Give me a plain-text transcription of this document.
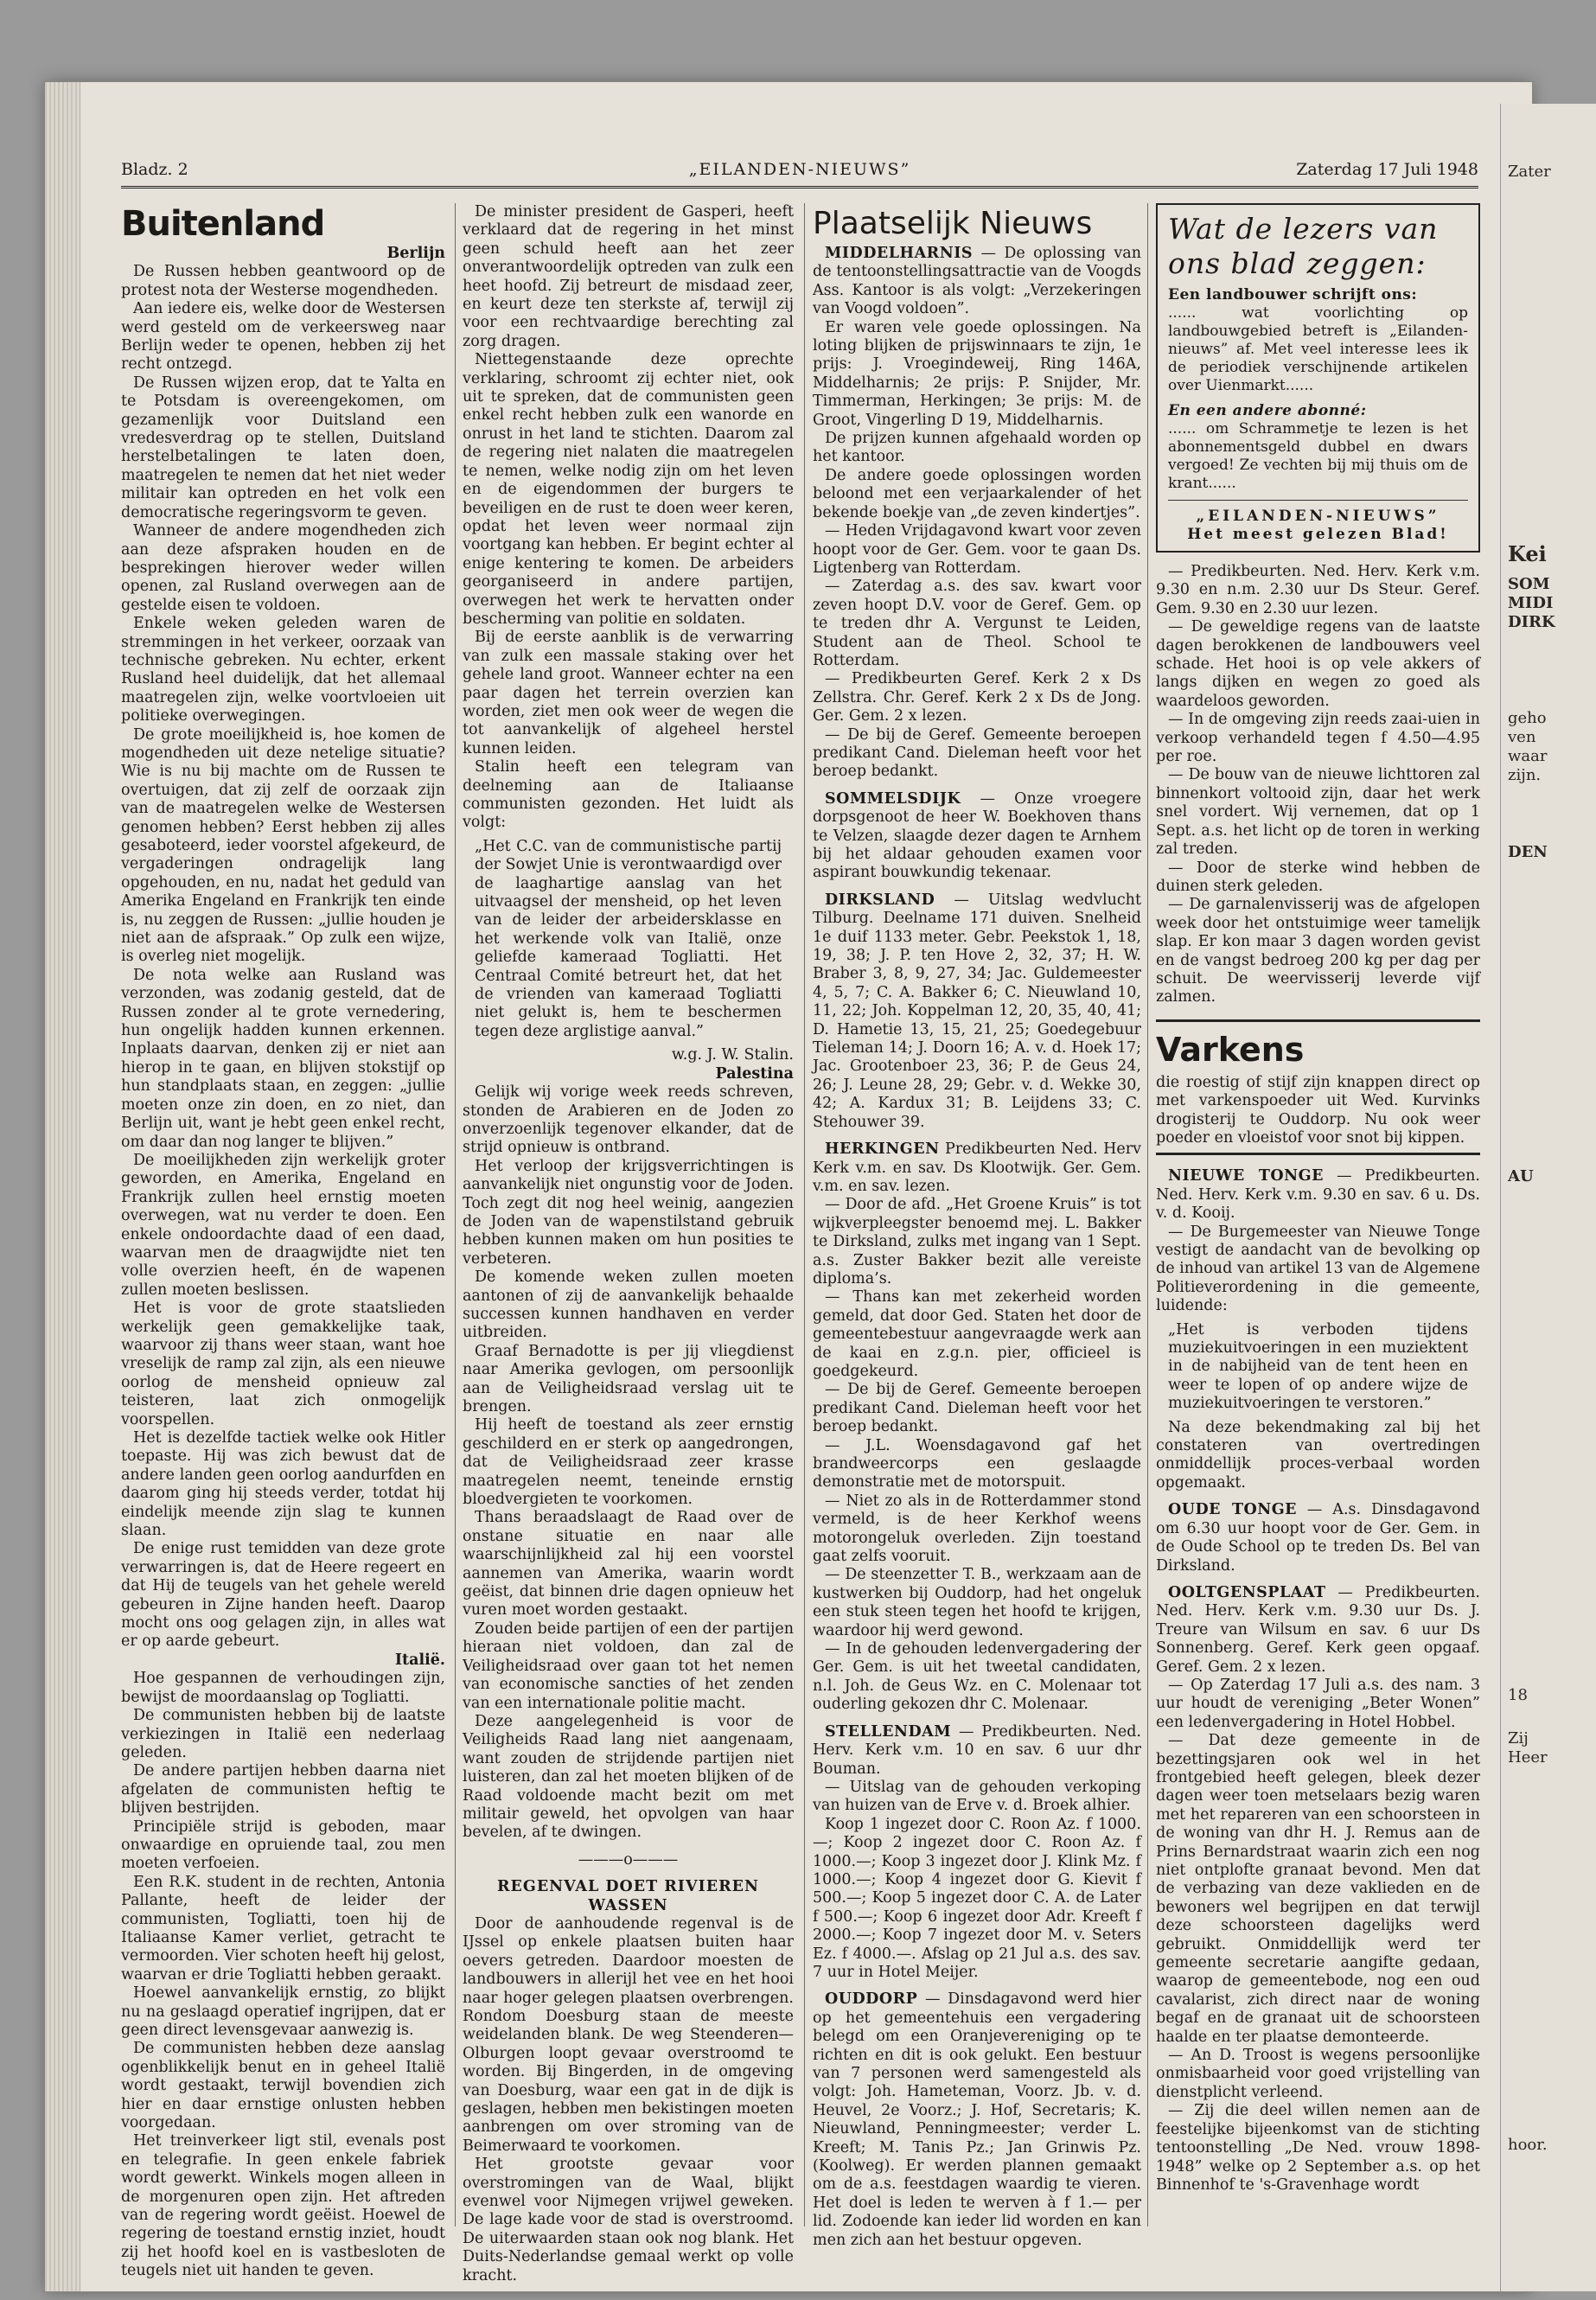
Bladz. 2	„EILANDEN-NIEUWS”	Zaterdag 17 Juli 1948

Buitenland

Berlijn

De Russen hebben geantwoord op de protest nota der Westerse mogendheden.

Aan iedere eis, welke door de Westersen werd gesteld om de verkeersweg naar Berlijn weder te openen, hebben zij het recht ontzegd.

De Russen wijzen erop, dat te Yalta en te Potsdam is overeengekomen, om gezamenlijk voor Duitsland een vredesverdrag op te stellen, Duitsland herstelbetalingen te laten doen, maatregelen te nemen dat het niet weder militair kan optreden en het volk een democratische regeringsvorm te geven.

Wanneer de andere mogendheden zich aan deze afspraken houden en de besprekingen hierover weder willen openen, zal Rusland overwegen aan de gestelde eisen te voldoen.

Enkele weken geleden waren de stremmingen in het verkeer, oorzaak van technische gebreken. Nu echter, erkent Rusland heel duidelijk, dat het allemaal maatregelen zijn, welke voortvloeien uit politieke overwegingen.

De grote moeilijkheid is, hoe komen de mogendheden uit deze netelige situatie? Wie is nu bij machte om de Russen te overtuigen, dat zij zelf de oorzaak zijn van de maatregelen welke de Westersen genomen hebben? Eerst hebben zij alles gesaboteerd, ieder voorstel afgekeurd, de vergaderingen ondragelijk lang opgehouden, en nu, nadat het geduld van Amerika Engeland en Frankrijk ten einde is, nu zeggen de Russen: „jullie houden je niet aan de afspraak.” Op zulk een wijze, is overleg niet mogelijk.

De nota welke aan Rusland was verzonden, was zodanig gesteld, dat de Russen zonder al te grote vernedering, hun ongelijk hadden kunnen erkennen. Inplaats daarvan, denken zij er niet aan hierop in te gaan, en blijven stokstijf op hun standplaats staan, en zeggen: „jullie moeten onze zin doen, en zo niet, dan Berlijn uit, want je hebt geen enkel recht, om daar dan nog langer te blijven.”

De moeilijkheden zijn werkelijk groter geworden, en Amerika, Engeland en Frankrijk zullen heel ernstig moeten overwegen, wat nu verder te doen. Een enkele ondoordachte daad of een daad, waarvan men de draagwijdte niet ten volle overzien heeft, én de wapenen zullen moeten beslissen.

Het is voor de grote staatslieden werkelijk geen gemakkelijke taak, waarvoor zij thans weer staan, want hoe vreselijk de ramp zal zijn, als een nieuwe oorlog de mensheid opnieuw zal teisteren, laat zich onmogelijk voorspellen.

Het is dezelfde tactiek welke ook Hitler toepaste. Hij was zich bewust dat de andere landen geen oorlog aandurfden en daarom ging hij steeds verder, totdat hij eindelijk meende zijn slag te kunnen slaan.

De enige rust temidden van deze grote verwarringen is, dat de Heere regeert en dat Hij de teugels van het gehele wereld gebeuren in Zijne handen heeft. Daarop mocht ons oog gelagen zijn, in alles wat er op aarde gebeurt.

Italië.

Hoe gespannen de verhoudingen zijn, bewijst de moordaanslag op Togliatti.

De communisten hebben bij de laatste verkiezingen in Italië een nederlaag geleden.

De andere partijen hebben daarna niet afgelaten de communisten heftig te blijven bestrijden.

Principiële strijd is geboden, maar onwaardige en opruiende taal, zou men moeten verfoeien.

Een R.K. student in de rechten, Antonia Pallante, heeft de leider der communisten, Togliatti, toen hij de Italiaanse Kamer verliet, getracht te vermoorden. Vier schoten heeft hij gelost, waarvan er drie Togliatti hebben geraakt.

Hoewel aanvankelijk ernstig, zo blijkt nu na geslaagd operatief ingrijpen, dat er geen direct levensgevaar aanwezig is.

De communisten hebben deze aanslag ogenblikkelijk benut en in geheel Italië wordt gestaakt, terwijl bovendien zich hier en daar ernstige onlusten hebben voorgedaan.

Het treinverkeer ligt stil, evenals post en telegrafie. In geen enkele fabriek wordt gewerkt. Winkels mogen alleen in de morgenuren open zijn. Het aftreden van de regering wordt geëist. Hoewel de regering de toestand ernstig inziet, houdt zij het hoofd koel en is vastbesloten de teugels niet uit handen te geven.

De minister president de Gasperi, heeft verklaard dat de regering in het minst geen schuld heeft aan het zeer onverantwoordelijk optreden van zulk een heet hoofd. Zij betreurt de misdaad zeer, en keurt deze ten sterkste af, terwijl zij voor een rechtvaardige berechting zal zorg dragen.

Niettegenstaande deze oprechte verklaring, schroomt zij echter niet, ook uit te spreken, dat de communisten geen enkel recht hebben zulk een wanorde en onrust in het land te stichten. Daarom zal de regering niet nalaten die maatregelen te nemen, welke nodig zijn om het leven en de eigendommen der burgers te beveiligen en de rust te doen weer keren, opdat het leven weer normaal zijn voortgang kan hebben. Er begint echter al enige kentering te komen. De arbeiders georganiseerd in andere partijen, overwegen het werk te hervatten onder bescherming van politie en soldaten.

Bij de eerste aanblik is de verwarring van zulk een massale staking over het gehele land groot. Wanneer echter na een paar dagen het terrein overzien kan worden, ziet men ook weer de wegen die tot aanvankelijk of algeheel herstel kunnen leiden.

Stalin heeft een telegram van deelneming aan de Italiaanse communisten gezonden. Het luidt als volgt:

„Het C.C. van de communistische partij der Sowjet Unie is verontwaardigd over de laaghartige aanslag van het uitvaagsel der mensheid, op het leven van de leider der arbeidersklasse en het werkende volk van Italië, onze geliefde kameraad Togliatti. Het Centraal Comité betreurt het, dat het de vrienden van kameraad Togliatti niet gelukt is, hem te beschermen tegen deze arglistige aanval.”

w.g. J. W. Stalin.

Palestina

Gelijk wij vorige week reeds schreven, stonden de Arabieren en de Joden zo onverzoenlijk tegenover elkander, dat de strijd opnieuw is ontbrand.

Het verloop der krijgsverrichtingen is aanvankelijk niet ongunstig voor de Joden. Toch zegt dit nog heel weinig, aangezien de Joden van de wapenstilstand gebruik hebben kunnen maken om hun posities te verbeteren.

De komende weken zullen moeten aantonen of zij de aanvankelijk behaalde successen kunnen handhaven en verder uitbreiden.

Graaf Bernadotte is per jij vliegdienst naar Amerika gevlogen, om persoonlijk aan de Veiligheidsraad verslag uit te brengen.

Hij heeft de toestand als zeer ernstig geschilderd en er sterk op aangedrongen, dat de Veiligheidsraad zeer krasse maatregelen neemt, teneinde ernstig bloedvergieten te voorkomen.

Thans beraadslaagt de Raad over de onstane situatie en naar alle waarschijnlijkheid zal hij een voorstel aannemen van Amerika, waarin wordt geëist, dat binnen drie dagen opnieuw het vuren moet worden gestaakt.

Zouden beide partijen of een der partijen hieraan niet voldoen, dan zal de Veiligheidsraad over gaan tot het nemen van economische sancties of het zenden van een internationale politie macht.

Deze aangelegenheid is voor de Veiligheids Raad lang niet aangenaam, want zouden de strijdende partijen niet luisteren, dan zal het moeten blijken of de Raad voldoende macht bezit om met militair geweld, het opvolgen van haar bevelen, af te dwingen.

———o———

REGENVAL DOET RIVIEREN WASSEN

Door de aanhoudende regenval is de IJssel op enkele plaatsen buiten haar oevers getreden. Daardoor moesten de landbouwers in allerijl het vee en het hooi naar hoger gelegen plaatsen overbrengen. Rondom Doesburg staan de meeste weidelanden blank. De weg Steenderen—Olburgen loopt gevaar overstroomd te worden. Bij Bingerden, in de omgeving van Doesburg, waar een gat in de dijk is geslagen, hebben men bekistingen moeten aanbrengen om over stroming van de Beimerwaard te voorkomen.

Het grootste gevaar voor overstromingen van de Waal, blijkt evenwel voor Nijmegen vrijwel geweken. De lage kade voor de stad is overstroomd. De uiterwaarden staan ook nog blank. Het Duits-Nederlandse gemaal werkt op volle kracht.

Plaatselijk Nieuws

MIDDELHARNIS — De oplossing van de tentoonstellingsattractie van de Voogds Ass. Kantoor is als volgt: „Verzekeringen van Voogd voldoen”.

Er waren vele goede oplossingen. Na loting blijken de prijswinnaars te zijn, 1e prijs: J. Vroegindeweij, Ring 146A, Middelharnis; 2e prijs: P. Snijder, Mr. Timmerman, Herkingen; 3e prijs: M. de Groot, Vingerling D 19, Middelharnis.

De prijzen kunnen afgehaald worden op het kantoor.

De andere goede oplossingen worden beloond met een verjaarkalender of het bekende boekje van „de zeven kindertjes”.

— Heden Vrijdagavond kwart voor zeven hoopt voor de Ger. Gem. voor te gaan Ds. Ligtenberg van Rotterdam.

— Zaterdag a.s. des sav. kwart voor zeven hoopt D.V. voor de Geref. Gem. op te treden dhr A. Vergunst te Leiden, Student aan de Theol. School te Rotterdam.

— Predikbeurten Geref. Kerk 2 x Ds Zellstra. Chr. Geref. Kerk 2 x Ds de Jong. Ger. Gem. 2 x lezen.

— De bij de Geref. Gemeente beroepen predikant Cand. Dieleman heeft voor het beroep bedankt.

SOMMELSDIJK — Onze vroegere dorpsgenoot de heer W. Boekhoven thans te Velzen, slaagde dezer dagen te Arnhem bij het aldaar gehouden examen voor aspirant bouwkundig tekenaar.

DIRKSLAND — Uitslag wedvlucht Tilburg. Deelname 171 duiven. Snelheid 1e duif 1133 meter. Gebr. Peekstok 1, 18, 19, 38; J. P. ten Hove 2, 32, 37; H. W. Braber 3, 8, 9, 27, 34; Jac. Guldemeester 4, 5, 7; C. A. Bakker 6; C. Nieuwland 10, 11, 22; Joh. Koppelman 12, 20, 35, 40, 41; D. Hametie 13, 15, 21, 25; Goedegebuur Tieleman 14; J. Doorn 16; A. v. d. Hoek 17; Jac. Grootenboer 23, 36; P. de Geus 24, 26; J. Leune 28, 29; Gebr. v. d. Wekke 30, 42; A. Kardux 31; B. Leijdens 33; C. Stehouwer 39.

HERKINGEN Predikbeurten Ned. Herv Kerk v.m. en sav. Ds Klootwijk. Ger. Gem. v.m. en sav. lezen.

— Door de afd. „Het Groene Kruis” is tot wijkverpleegster benoemd mej. L. Bakker te Dirksland, zulks met ingang van 1 Sept. a.s. Zuster Bakker bezit alle vereiste diploma’s.

— Thans kan met zekerheid worden gemeld, dat door Ged. Staten het door de gemeentebestuur aangevraagde werk aan de kaai en z.g.n. pier, officieel is goedgekeurd.

— De bij de Geref. Gemeente beroepen predikant Cand. Dieleman heeft voor het beroep bedankt.

— J.L. Woensdagavond gaf het brandweercorps een geslaagde demonstratie met de motorspuit.

— Niet zo als in de Rotterdammer stond vermeld, is de heer Kerkhof weens motorongeluk overleden. Zijn toestand gaat zelfs vooruit.

— De steenzetter T. B., werkzaam aan de kustwerken bij Ouddorp, had het ongeluk een stuk steen tegen het hoofd te krijgen, waardoor hij werd gewond.

— In de gehouden ledenvergadering der Ger. Gem. is uit het tweetal candidaten, n.l. Joh. de Geus Wz. en C. Molenaar tot ouderling gekozen dhr C. Molenaar.

STELLENDAM — Predikbeurten. Ned. Herv. Kerk v.m. 10 en sav. 6 uur dhr Bouman.

— Uitslag van de gehouden verkoping van huizen van de Erve v. d. Broek alhier.

Koop 1 ingezet door C. Roon Az. f 1000.—; Koop 2 ingezet door C. Roon Az. f 1000.—; Koop 3 ingezet door J. Klink Mz. f 1000.—; Koop 4 ingezet door G. Kievit f 500.—; Koop 5 ingezet door C. A. de Later f 500.—; Koop 6 ingezet door Adr. Kreeft f 2000.—; Koop 7 ingezet door M. v. Seters Ez. f 4000.—. Afslag op 21 Jul a.s. des sav. 7 uur in Hotel Meijer.

OUDDORP — Dinsdagavond werd hier op het gemeentehuis een vergadering belegd om een Oranjevereniging op te richten en dit is ook gelukt. Een bestuur van 7 personen werd samengesteld als volgt: Joh. Hameteman, Voorz. Jb. v. d. Heuvel, 2e Voorz.; J. Hof, Secretaris; K. Nieuwland, Penningmeester; verder L. Kreeft; M. Tanis Pz.; Jan Grinwis Pz. (Koolweg). Er werden plannen gemaakt om de a.s. feestdagen waardig te vieren. Het doel is leden te werven à f 1.— per lid. Zodoende kan ieder lid worden en kan men zich aan het bestuur opgeven.

Wat de lezers van
ons blad zeggen:

Een landbouwer schrijft ons:

...... wat voorlichting op landbouwgebied betreft is „Eilanden-nieuws” af. Met veel interesse lees ik de periodiek verschijnende artikelen over Uienmarkt......

En een andere abonné:

...... om Schrammetje te lezen is het abonnementsgeld dubbel en dwars vergoed! Ze vechten bij mij thuis om de krant......

„EILANDEN-NIEUWS”

Het meest gelezen Blad!

— Predikbeurten. Ned. Herv. Kerk v.m. 9.30 en n.m. 2.30 uur Ds Steur. Geref. Gem. 9.30 en 2.30 uur lezen.

— De geweldige regens van de laatste dagen berokkenen de landbouwers veel schade. Het hooi is op vele akkers of langs dijken en wegen zo goed als waardeloos geworden.

— In de omgeving zijn reeds zaai-uien in verkoop verhandeld tegen f 4.50—4.95 per roe.

— De bouw van de nieuwe lichttoren zal binnenkort voltooid zijn, daar het werk snel vordert. Wij vernemen, dat op 1 Sept. a.s. het licht op de toren in werking zal treden.

— Door de sterke wind hebben de duinen sterk geleden.

— De garnalenvisserij was de afgelopen week door het ontstuimige weer tamelijk slap. Er kon maar 3 dagen worden gevist en de vangst bedroeg 200 kg per dag per schuit. De weervisserij leverde vijf zalmen.

Varkens

die roestig of stijf zijn knappen direct op met varkenspoeder uit Wed. Kurvinks drogisterij te Ouddorp. Nu ook weer poeder en vloeistof voor snot bij kippen.

NIEUWE TONGE — Predikbeurten. Ned. Herv. Kerk v.m. 9.30 en sav. 6 u. Ds. v. d. Kooij.

— De Burgemeester van Nieuwe Tonge vestigt de aandacht van de bevolking op de inhoud van artikel 13 van de Algemene Politieverordening in die gemeente, luidende:

„Het is verboden tijdens muziekuitvoeringen in een muziektent in de nabijheid van de tent heen en weer te lopen of op andere wijze de muziekuitvoeringen te verstoren.”

Na deze bekendmaking zal bij het constateren van overtredingen onmiddellijk proces-verbaal worden opgemaakt.

OUDE TONGE — A.s. Dinsdagavond om 6.30 uur hoopt voor de Ger. Gem. in de Oude School op te treden Ds. Bel van Dirksland.

OOLTGENSPLAAT — Predikbeurten. Ned. Herv. Kerk v.m. 9.30 uur Ds. J. Treure van Wilsum en sav. 6 uur Ds Sonnenberg. Geref. Kerk geen opgaaf. Geref. Gem. 2 x lezen.

— Op Zaterdag 17 Juli a.s. des nam. 3 uur houdt de vereniging „Beter Wonen” een ledenvergadering in Hotel Hobbel.

— Dat deze gemeente in de bezettingsjaren ook wel in het frontgebied heeft gelegen, bleek dezer dagen weer toen metselaars bezig waren met het repareren van een schoorsteen in de woning van dhr H. J. Remus aan de Prins Bernardstraat waarin zich een nog niet ontplofte granaat bevond. Men dat de verbazing van deze vaklieden en de bewoners wel begrijpen en dat terwijl deze schoorsteen dagelijks werd gebruikt. Onmiddellijk werd ter gemeente secretarie aangifte gedaan, waarop de gemeentebode, nog een oud cavalarist, zich direct naar de woning begaf en de granaat uit de schoorsteen haalde en ter plaatse demonteerde.

— An D. Troost is wegens persoonlijke onmisbaarheid voor goed vrijstelling van dienstplicht verleend.

— Zij die deel willen nemen aan de feestelijke bijeenkomst van de stichting tentoonstelling „De Ned. vrouw 1898-1948” welke op 2 September a.s. op het Binnenhof te 's-Gravenhage wordt

Zater
Kei
SOM
MIDI
DIRK
geho
ven
waar
zijn.
DEN
AU
18
Zij
Heer
hoor.
